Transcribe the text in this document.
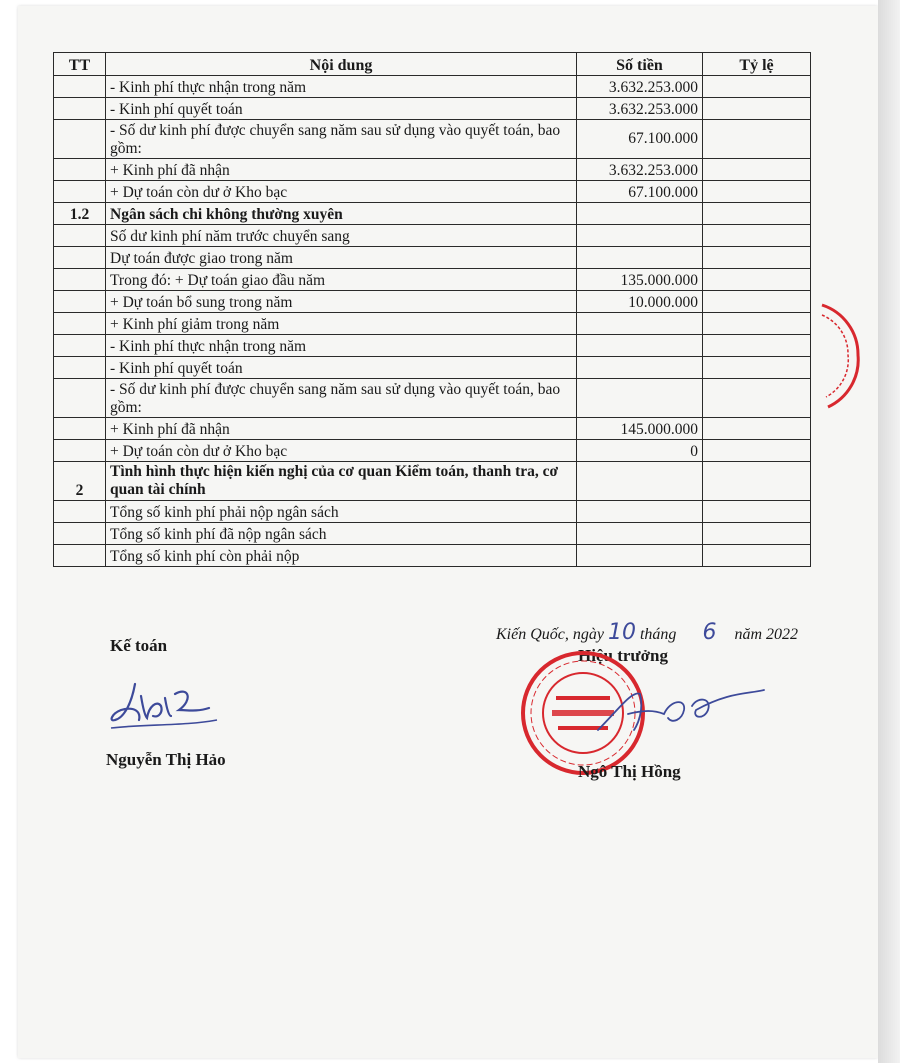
TT	Nội dung	Số tiền	Tỷ lệ
	- Kinh phí thực nhận trong năm	3.632.253.000	
	- Kinh phí quyết toán	3.632.253.000	
	- Số dư kinh phí được chuyển sang năm sau sử dụng vào quyết toán, bao gồm:	67.100.000	
	+ Kinh phí đã nhận	3.632.253.000	
	+ Dự toán còn dư ở Kho bạc	67.100.000	
1.2	Ngân sách chi không thường xuyên		
	Số dư kinh phí năm trước chuyển sang		
	Dự toán được giao trong năm		
	Trong đó: + Dự toán giao đầu năm	135.000.000	
	+ Dự toán bổ sung trong năm	10.000.000	
	+ Kinh phí giảm trong năm		
	- Kinh phí thực nhận trong năm		
	- Kinh phí quyết toán		
	- Số dư kinh phí được chuyển sang năm sau sử dụng vào quyết toán, bao gồm:		
	+ Kinh phí đã nhận	145.000.000	
	+ Dự toán còn dư ở Kho bạc	0	
2	Tình hình thực hiện kiến nghị của cơ quan Kiểm toán, thanh tra, cơ quan tài chính		
	Tổng số kinh phí phải nộp ngân sách		
	Tổng số kinh phí đã nộp ngân sách		
	Tổng số kinh phí còn phải nộp		
Kiến Quốc, ngày 10 tháng 6 năm 2022
Kế toán
Hiệu trưởng
Nguyễn Thị Hảo
Ngô Thị Hồng
